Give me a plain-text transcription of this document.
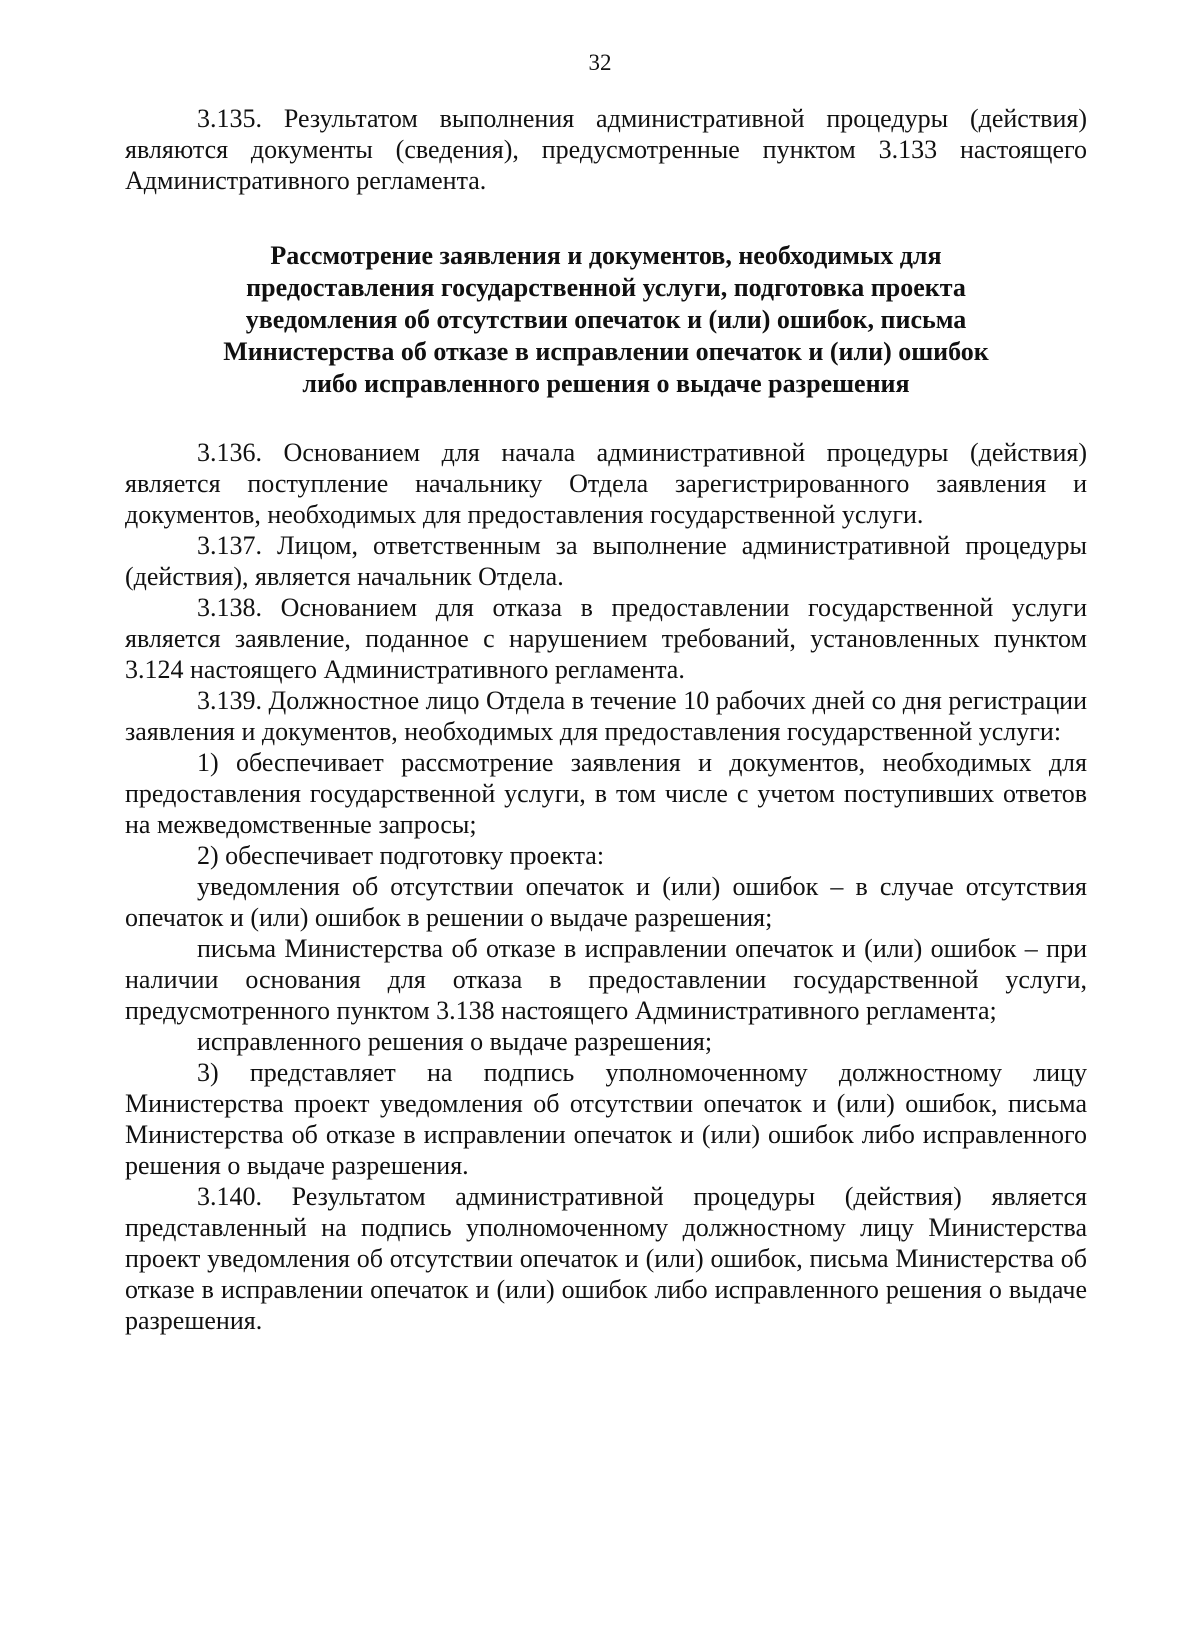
32

3.135. Результатом выполнения административной процедуры (действия) являются документы (сведения), предусмотренные пунктом 3.133 настоящего Административного регламента.

Рассмотрение заявления и документов, необходимых для
предоставления государственной услуги, подготовка проекта
уведомления об отсутствии опечаток и (или) ошибок, письма
Министерства об отказе в исправлении опечаток и (или) ошибок
либо исправленного решения о выдаче разрешения

3.136. Основанием для начала административной процедуры (действия) является поступление начальнику Отдела зарегистрированного заявления и документов, необходимых для предоставления государственной услуги.

3.137. Лицом, ответственным за выполнение административной процедуры (действия), является начальник Отдела.

3.138. Основанием для отказа в предоставлении государственной услуги является заявление, поданное с нарушением требований, установленных пунктом 3.124 настоящего Административного регламента.

3.139. Должностное лицо Отдела в течение 10 рабочих дней со дня регистрации заявления и документов, необходимых для предоставления государственной услуги:

1) обеспечивает рассмотрение заявления и документов, необходимых для предоставления государственной услуги, в том числе с учетом поступивших ответов на межведомственные запросы;

2) обеспечивает подготовку проекта:

уведомления об отсутствии опечаток и (или) ошибок – в случае отсутствия опечаток и (или) ошибок в решении о выдаче разрешения;

письма Министерства об отказе в исправлении опечаток и (или) ошибок – при наличии основания для отказа в предоставлении государственной услуги, предусмотренного пунктом 3.138 настоящего Административного регламента;

исправленного решения о выдаче разрешения;

3) представляет на подпись уполномоченному должностному лицу Министерства проект уведомления об отсутствии опечаток и (или) ошибок, письма Министерства об отказе в исправлении опечаток и (или) ошибок либо исправленного решения о выдаче разрешения.

3.140. Результатом административной процедуры (действия) является представленный на подпись уполномоченному должностному лицу Министерства проект уведомления об отсутствии опечаток и (или) ошибок, письма Министерства об отказе в исправлении опечаток и (или) ошибок либо исправленного решения о выдаче разрешения.
